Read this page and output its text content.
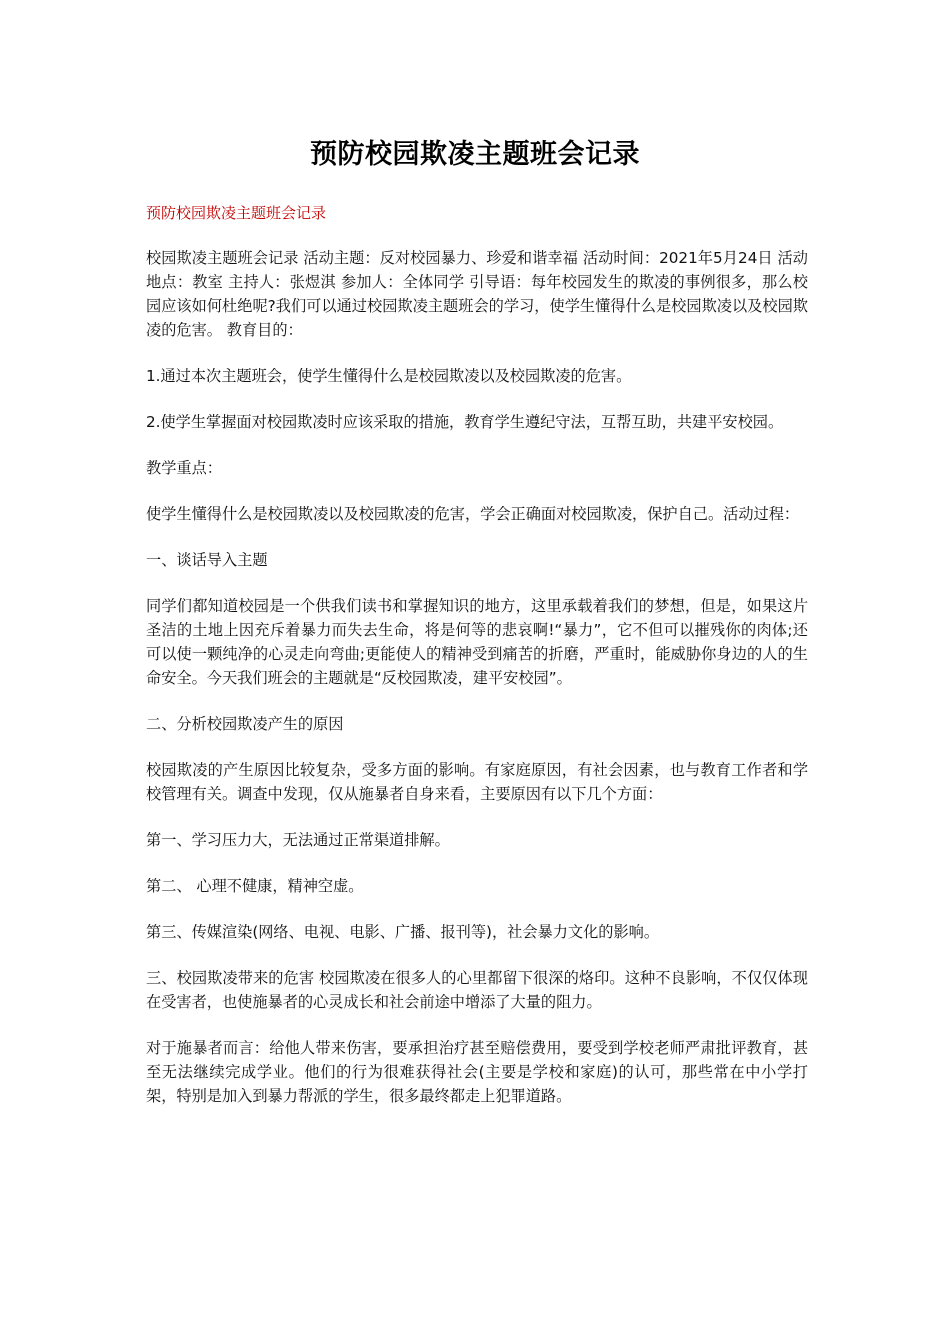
预防校园欺凌主题班会记录
预防校园欺凌主题班会记录

校园欺凌主题班会记录 活动主题：反对校园暴力、珍爱和谐幸福 活动时间：2021年5月24日 活动地点：教室 主持人：张煜淇 参加人：全体同学 引导语：每年校园发生的欺凌的事例很多，那么校园应该如何杜绝呢?我们可以通过校园欺凌主题班会的学习，使学生懂得什么是校园欺凌以及校园欺凌的危害。 教育目的：

1.通过本次主题班会，使学生懂得什么是校园欺凌以及校园欺凌的危害。

2.使学生掌握面对校园欺凌时应该采取的措施，教育学生遵纪守法，互帮互助，共建平安校园。

教学重点：

使学生懂得什么是校园欺凌以及校园欺凌的危害，学会正确面对校园欺凌，保护自己。活动过程：

一、谈话导入主题

同学们都知道校园是一个供我们读书和掌握知识的地方，这里承载着我们的梦想，但是，如果这片圣洁的土地上因充斥着暴力而失去生命，将是何等的悲哀啊!“暴力”，它不但可以摧残你的肉体;还可以使一颗纯净的心灵走向弯曲;更能使人的精神受到痛苦的折磨，严重时，能威胁你身边的人的生命安全。今天我们班会的主题就是“反校园欺凌，建平安校园”。

二、分析校园欺凌产生的原因

校园欺凌的产生原因比较复杂，受多方面的影响。有家庭原因，有社会因素，也与教育工作者和学校管理有关。调查中发现，仅从施暴者自身来看，主要原因有以下几个方面：

第一、学习压力大，无法通过正常渠道排解。

第二、 心理不健康，精神空虚。

第三、传媒渲染(网络、电视、电影、广播、报刊等)，社会暴力文化的影响。

三、校园欺凌带来的危害 校园欺凌在很多人的心里都留下很深的烙印。这种不良影响，不仅仅体现在受害者，也使施暴者的心灵成长和社会前途中增添了大量的阻力。

对于施暴者而言：给他人带来伤害，要承担治疗甚至赔偿费用，要受到学校老师严肃批评教育，甚至无法继续完成学业。他们的行为很难获得社会(主要是学校和家庭)的认可，那些常在中小学打架，特别是加入到暴力帮派的学生，很多最终都走上犯罪道路。
